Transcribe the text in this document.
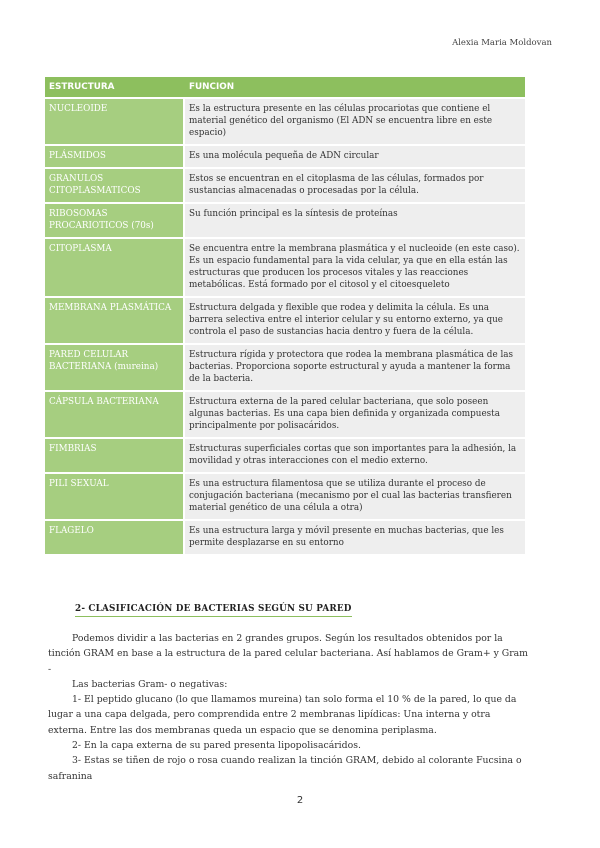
Alexia Maria Moldovan
ESTRUCTURA	FUNCION
NUCLEOIDE	Es la estructura presente en las células procariotas que contiene el material genético del organismo (El ADN se encuentra libre en este espacio)
PLÁSMIDOS	Es una molécula pequeña de ADN circular
GRANULOS CITOPLASMATICOS	Estos se encuentran en el citoplasma de las células, formados por sustancias almacenadas o procesadas por la célula.
RIBOSOMAS PROCARIOTICOS (70s)	Su función principal es la síntesis de proteínas
CITOPLASMA	Se encuentra entre la membrana plasmática y el nucleoide (en este caso). Es un espacio fundamental para la vida celular, ya que en ella están las estructuras que producen los procesos vitales y las reacciones metabólicas. Está formado por el citosol y el citoesqueleto
MEMBRANA PLASMÁTICA	Estructura delgada y flexible que rodea y delimita la célula. Es una barrera selectiva entre el interior celular y su entorno externo, ya que controla el paso de sustancias hacia dentro y fuera de la célula.
PARED CELULAR BACTERIANA (mureina)	Estructura rígida y protectora que rodea la membrana plasmática de las bacterias. Proporciona soporte estructural y ayuda a mantener la forma de la bacteria.
CÁPSULA BACTERIANA	Estructura externa de la pared celular bacteriana, que solo poseen algunas bacterias. Es una capa bien definida y organizada compuesta principalmente por polisacáridos.
FIMBRIAS	Estructuras superficiales cortas que son importantes para la adhesión, la movilidad y otras interacciones con el medio externo.
PILI SEXUAL	Es una estructura filamentosa que se utiliza durante el proceso de conjugación bacteriana (mecanismo por el cual las bacterias transfieren material genético de una célula a otra)
FLAGELO	Es una estructura larga y móvil presente en muchas bacterias, que les permite desplazarse en su entorno
2- CLASIFICACIÓN DE BACTERIAS SEGÚN SU PARED

Podemos dividir a las bacterias en 2 grandes grupos. Según los resultados obtenidos por la tinción GRAM en base a la estructura de la pared celular bacteriana. Así hablamos de Gram+ y Gram -

Las bacterias Gram- o negativas:

1- El peptido glucano (lo que llamamos mureina) tan solo forma el 10 % de la pared, lo que da lugar a una capa delgada, pero comprendida entre 2 membranas lipídicas: Una interna y otra externa. Entre las dos membranas queda un espacio que se denomina periplasma.

2- En la capa externa de su pared presenta lipopolisacáridos.

3- Estas se tiñen de rojo o rosa cuando realizan la tinción GRAM, debido al colorante Fucsina o safranina

2
